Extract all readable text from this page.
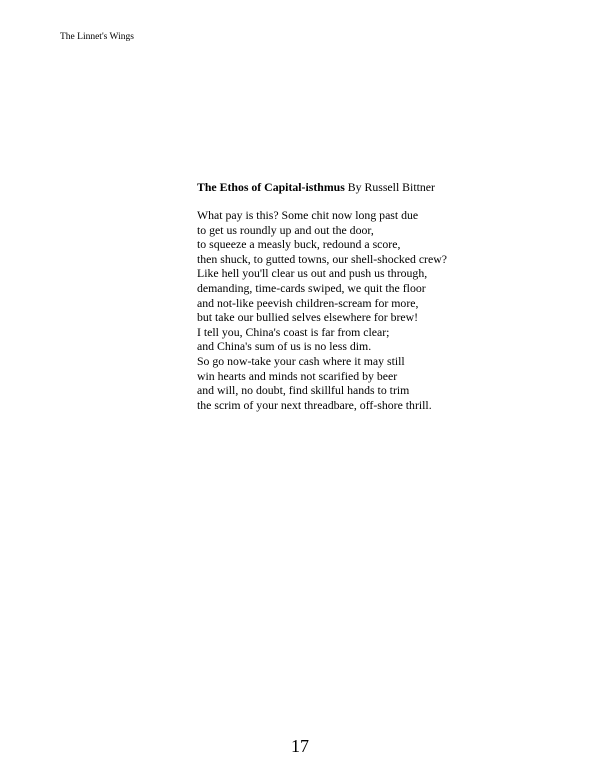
The Linnet's Wings

The Ethos of Capital-isthmus By Russell Bittner

What pay is this? Some chit now long past due
to get us roundly up and out the door,
to squeeze a measly buck, redound a score,
then shuck, to gutted towns, our shell-shocked crew?
Like hell you'll clear us out and push us through,
demanding, time-cards swiped, we quit the floor
and not-like peevish children-scream for more,
but take our bullied selves elsewhere for brew!
I tell you, China's coast is far from clear;
and China's sum of us is no less dim.
So go now-take your cash where it may still
win hearts and minds not scarified by beer
and will, no doubt, find skillful hands to trim
the scrim of your next threadbare, off-shore thrill.
17
